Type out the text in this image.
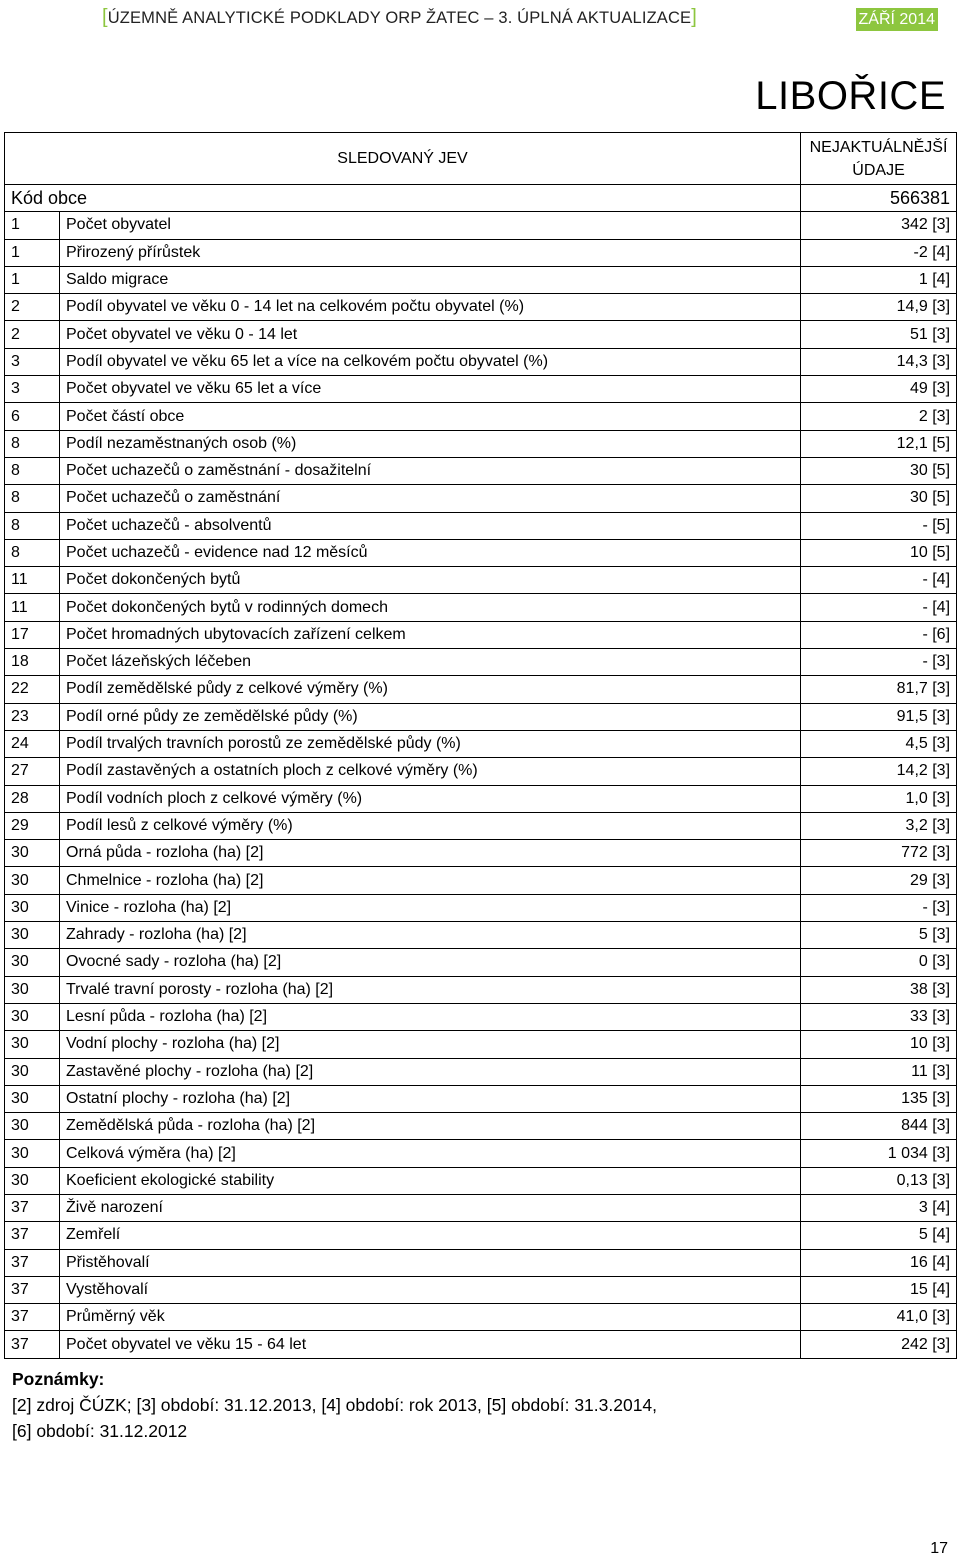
[ÚZEMNĚ ANALYTICKÉ PODKLADY ORP ŽATEC – 3. ÚPLNÁ AKTUALIZACE]	ZÁŘÍ 2014
LIBOŘICE
SLEDOVANÝ JEV		NEJAKTUÁLNĚJŠÍ
ÚDAJE
Kód obce		566381
1	Počet obyvatel	342 [3]
1	Přirozený přírůstek	-2 [4]
1	Saldo migrace	1 [4]
2	Podíl obyvatel ve věku 0 - 14 let na celkovém počtu obyvatel (%)	14,9 [3]
2	Počet obyvatel ve věku 0 - 14 let	51 [3]
3	Podíl obyvatel ve věku 65 let a více na celkovém počtu obyvatel (%)	14,3 [3]
3	Počet obyvatel ve věku 65 let a více	49 [3]
6	Počet částí obce	2 [3]
8	Podíl nezaměstnaných osob (%)	12,1 [5]
8	Počet uchazečů o zaměstnání - dosažitelní	30 [5]
8	Počet uchazečů o zaměstnání	30 [5]
8	Počet uchazečů - absolventů	- [5]
8	Počet uchazečů - evidence nad 12 měsíců	10 [5]
11	Počet dokončených bytů	- [4]
11	Počet dokončených bytů v rodinných domech	- [4]
17	Počet hromadných ubytovacích zařízení celkem	- [6]
18	Počet lázeňských léčeben	- [3]
22	Podíl zemědělské půdy z celkové výměry (%)	81,7 [3]
23	Podíl orné půdy ze zemědělské půdy (%)	91,5 [3]
24	Podíl trvalých travních porostů ze zemědělské půdy (%)	4,5 [3]
27	Podíl zastavěných a ostatních ploch z celkové výměry (%)	14,2 [3]
28	Podíl vodních ploch z celkové výměry (%)	1,0 [3]
29	Podíl lesů z celkové výměry (%)	3,2 [3]
30	Orná půda - rozloha (ha) [2]	772 [3]
30	Chmelnice - rozloha (ha) [2]	29 [3]
30	Vinice - rozloha (ha) [2]	- [3]
30	Zahrady - rozloha (ha) [2]	5 [3]
30	Ovocné sady - rozloha (ha) [2]	0 [3]
30	Trvalé travní porosty - rozloha (ha) [2]	38 [3]
30	Lesní půda - rozloha (ha) [2]	33 [3]
30	Vodní plochy - rozloha (ha) [2]	10 [3]
30	Zastavěné plochy - rozloha (ha) [2]	11 [3]
30	Ostatní plochy - rozloha (ha) [2]	135 [3]
30	Zemědělská půda - rozloha (ha) [2]	844 [3]
30	Celková výměra (ha) [2]	1 034 [3]
30	Koeficient ekologické stability	0,13 [3]
37	Živě narození	3 [4]
37	Zemřelí	5 [4]
37	Přistěhovalí	16 [4]
37	Vystěhovalí	15 [4]
37	Průměrný věk	41,0 [3]
37	Počet obyvatel ve věku 15 - 64 let	242 [3]
Poznámky:
[2] zdroj ČÚZK; [3] období: 31.12.2013, [4] období: rok 2013, [5] období: 31.3.2014,
[6] období: 31.12.2012
17
